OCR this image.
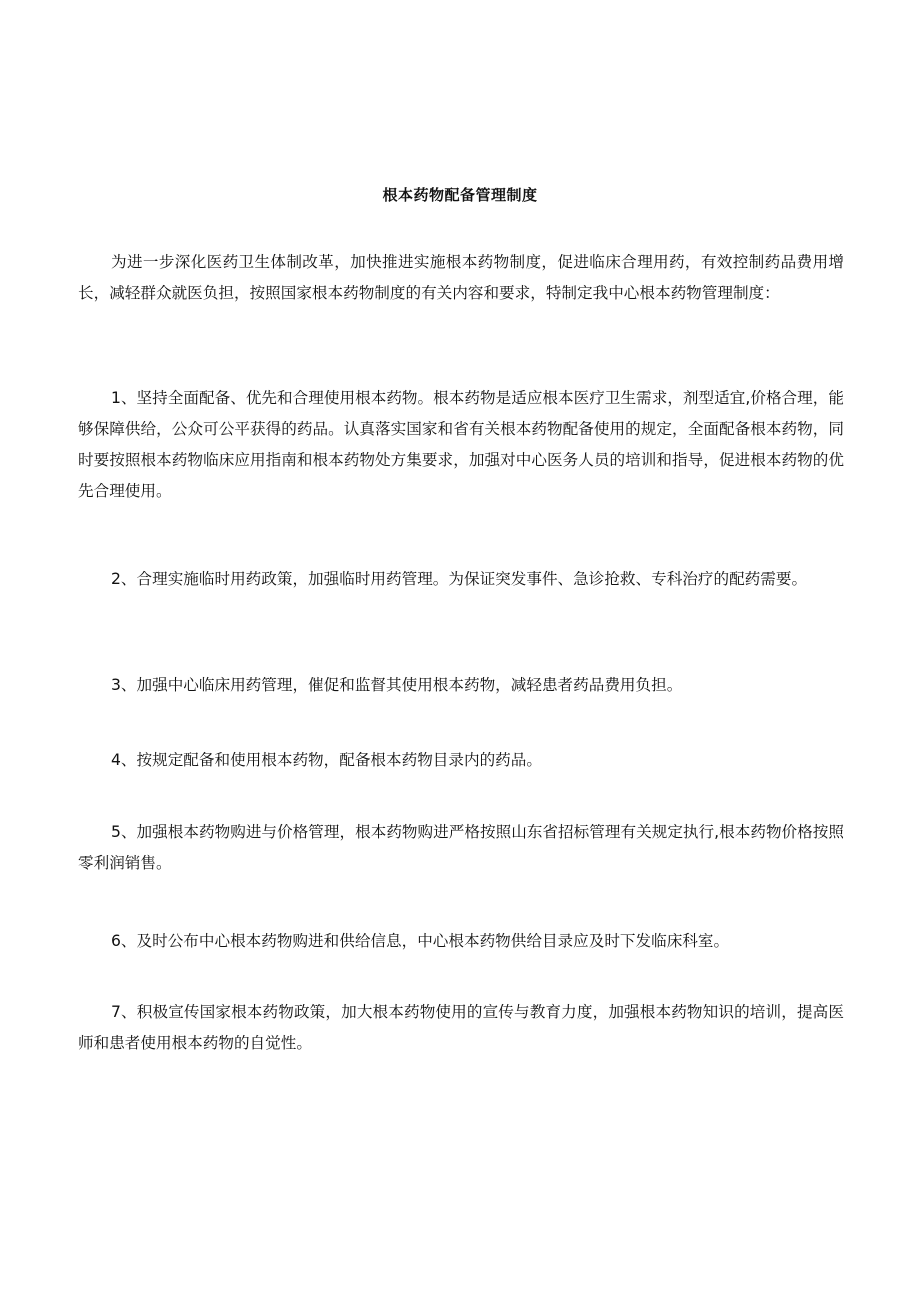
根本药物配备管理制度

为进一步深化医药卫生体制改革，加快推进实施根本药物制度，促进临床合理用药，有效控制药品费用增长，减轻群众就医负担，按照国家根本药物制度的有关内容和要求，特制定我中心根本药物管理制度：

1、坚持全面配备、优先和合理使用根本药物。根本药物是适应根本医疗卫生需求，剂型适宜,价格合理，能够保障供给，公众可公平获得的药品。认真落实国家和省有关根本药物配备使用的规定，全面配备根本药物，同时要按照根本药物临床应用指南和根本药物处方集要求，加强对中心医务人员的培训和指导，促进根本药物的优先合理使用。

2、合理实施临时用药政策，加强临时用药管理。为保证突发事件、急诊抢救、专科治疗的配药需要。

3、加强中心临床用药管理，催促和监督其使用根本药物，减轻患者药品费用负担。

4、按规定配备和使用根本药物，配备根本药物目录内的药品。

5、加强根本药物购进与价格管理，根本药物购进严格按照山东省招标管理有关规定执行,根本药物价格按照零利润销售。

6、及时公布中心根本药物购进和供给信息，中心根本药物供给目录应及时下发临床科室。

7、积极宣传国家根本药物政策，加大根本药物使用的宣传与教育力度，加强根本药物知识的培训，提高医师和患者使用根本药物的自觉性。
